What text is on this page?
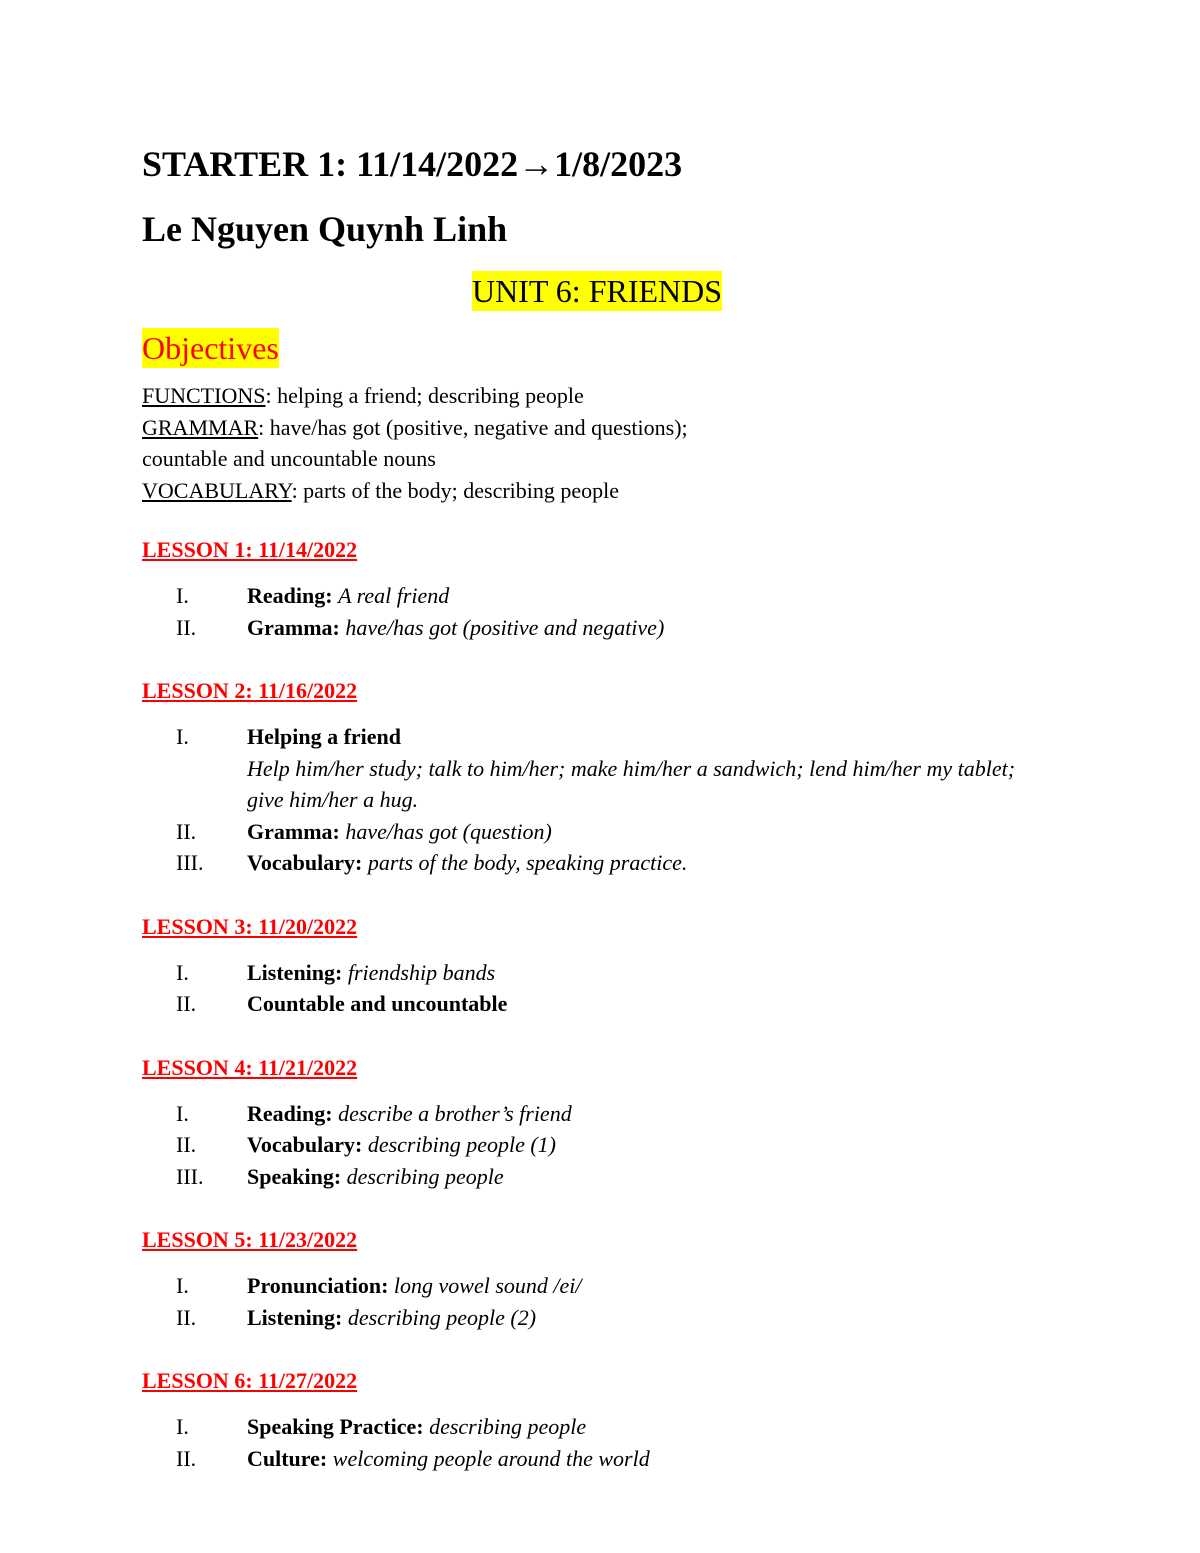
STARTER 1: 11/14/2022→1/8/2023
Le Nguyen Quynh Linh
UNIT 6: FRIENDS
Objectives
FUNCTIONS: helping a friend; describing people
GRAMMAR: have/has got (positive, negative and questions);
countable and uncountable nouns
VOCABULARY: parts of the body; describing people
LESSON 1: 11/14/2022
I.	Reading: A real friend
II.	Gramma: have/has got (positive and negative)
LESSON 2: 11/16/2022
I.	Helping a friend
Help him/her study; talk to him/her; make him/her a sandwich; lend him/her my tablet; give him/her a hug.
II.	Gramma: have/has got (question)
III.	Vocabulary: parts of the body, speaking practice.
LESSON 3: 11/20/2022
I.	Listening: friendship bands
II.	Countable and uncountable
LESSON 4: 11/21/2022
I.	Reading: describe a brother’s friend
II.	Vocabulary: describing people (1)
III.	Speaking: describing people
LESSON 5: 11/23/2022
I.	Pronunciation: long vowel sound /ei/
II.	Listening: describing people (2)
LESSON 6: 11/27/2022
I.	Speaking Practice: describing people
II.	Culture: welcoming people around the world
